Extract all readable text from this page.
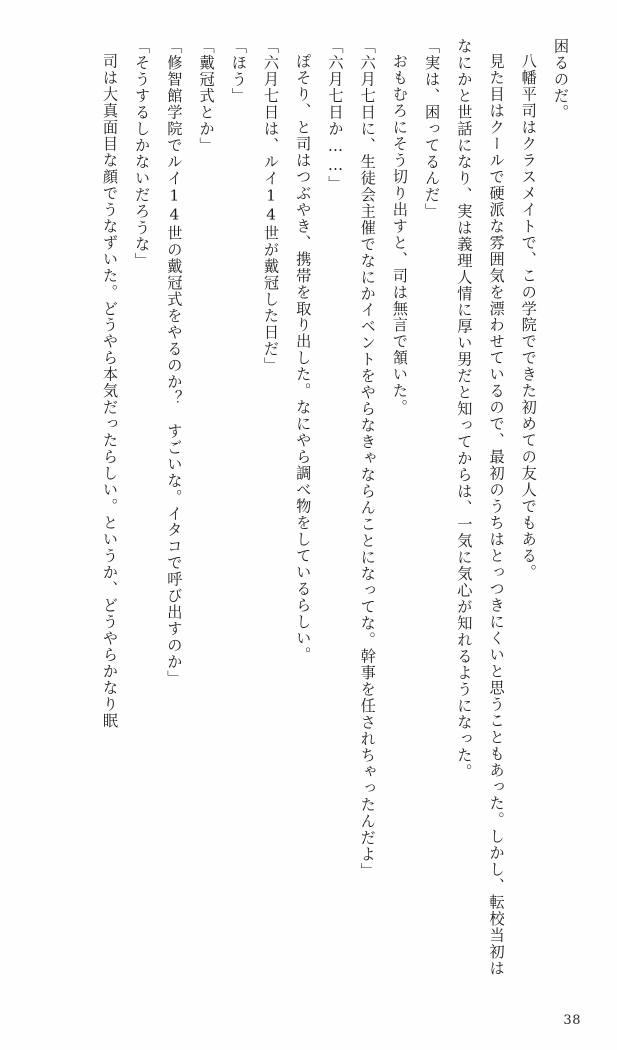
困るのだ。

八幡平司はクラスメイトで、この学院でできた初めての友人でもある。

見た目はクールで硬派な雰囲気を漂わせているので、最初のうちはとっつきにくいと思うこともあった。しかし、転校当初はなにかと世話になり、実は義理人情に厚い男だと知ってからは、一気に気心が知れるようになった。

「実は、困ってるんだ」

おもむろにそう切り出すと、司は無言で頷いた。

「六月七日に、生徒会主催でなにかイベントをやらなきゃならんことになってな。幹事を任されちゃったんだよ」

「六月七日か……」

ぽそり、と司はつぶやき、携帯を取り出した。なにやら調べ物をしているらしい。

「六月七日は、ルイ14世が戴冠した日だ」

「ほう」

「戴冠式とか」

「修智館学院でルイ14世の戴冠式をやるのか？　すごいな。イタコで呼び出すのか」

「そうするしかないだろうな」

司は大真面目な顔でうなずいた。どうやら本気だったらしい。というか、どうやらかなり眠

38
